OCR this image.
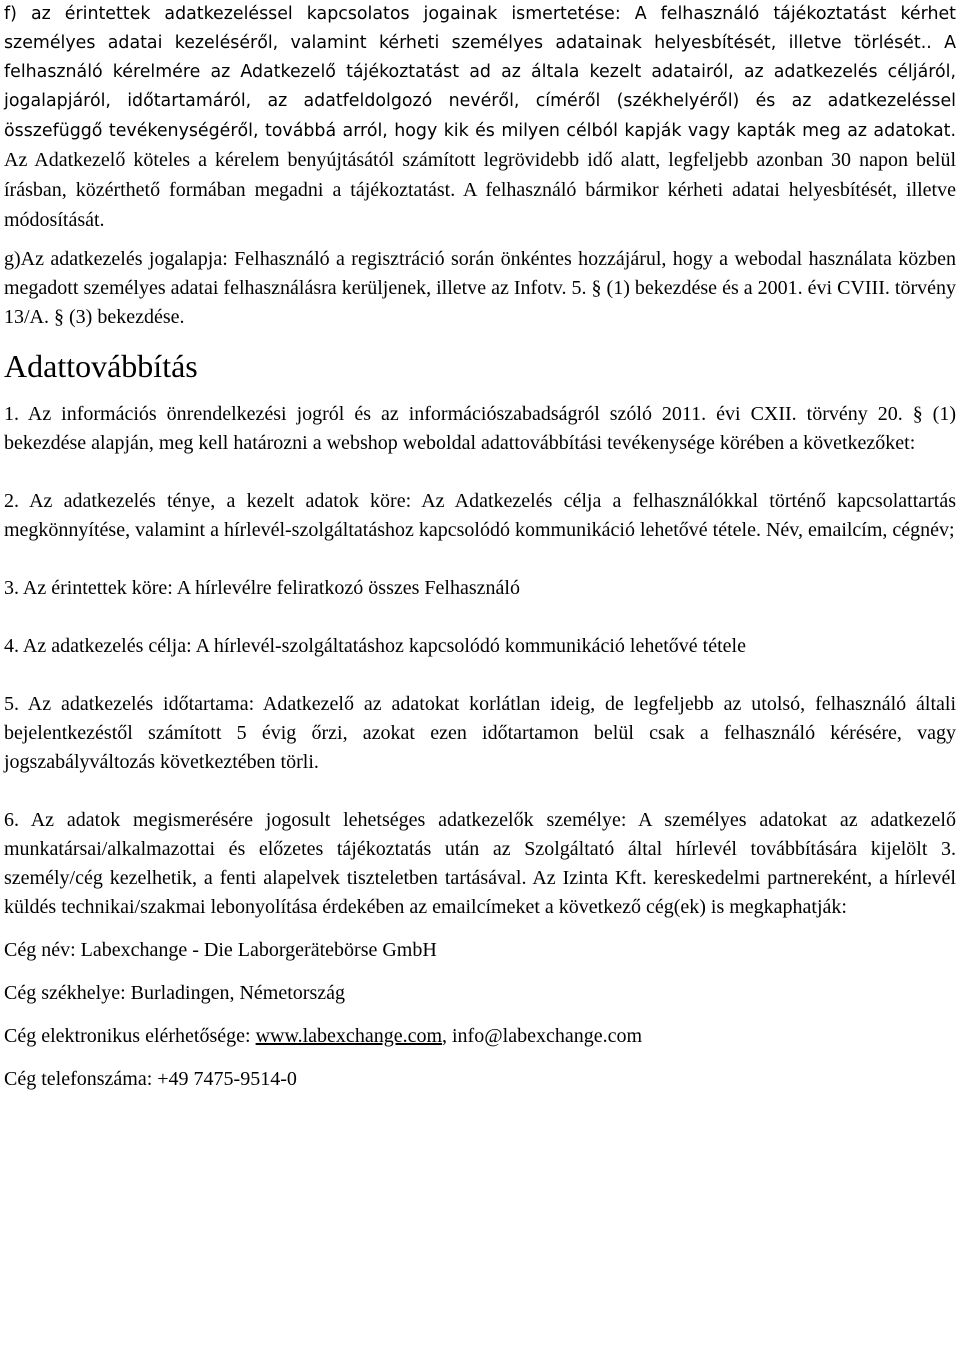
f) az érintettek adatkezeléssel kapcsolatos jogainak ismertetése: A felhasználó tájékoztatást kérhet személyes adatai kezeléséről, valamint kérheti személyes adatainak helyesbítését, illetve törlését.. A felhasználó kérelmére az Adatkezelő tájékoztatást ad az általa kezelt adatairól, az adatkezelés céljáról, jogalapjáról, időtartamáról, az adatfeldolgozó nevéről, címéről (székhelyéről) és az adatkezeléssel összefüggő tevékenységéről, továbbá arról, hogy kik és milyen célból kapják vagy kapták meg az adatokat. Az Adatkezelő köteles a kérelem benyújtásától számított legrövidebb idő alatt, legfeljebb azonban 30 napon belül írásban, közérthető formában megadni a tájékoztatást. A felhasználó bármikor kérheti adatai helyesbítését, illetve módosítását.

g)Az adatkezelés jogalapja: Felhasználó a regisztráció során önkéntes hozzájárul, hogy a webodal használata közben megadott személyes adatai felhasználásra kerüljenek, illetve az Infotv. 5. § (1) bekezdése és a 2001. évi CVIII. törvény 13/A. § (3) bekezdése.

Adattovábbítás

1. Az információs önrendelkezési jogról és az információszabadságról szóló 2011. évi CXII. törvény 20. § (1) bekezdése alapján, meg kell határozni a webshop weboldal adattovábbítási tevékenysége körében a következőket:

2. Az adatkezelés ténye, a kezelt adatok köre: Az Adatkezelés célja a felhasználókkal történő kapcsolattartás megkönnyítése, valamint a hírlevél-szolgáltatáshoz kapcsolódó kommunikáció lehetővé tétele. Név, emailcím, cégnév;

3. Az érintettek köre: A hírlevélre feliratkozó összes Felhasználó

4. Az adatkezelés célja: A hírlevél-szolgáltatáshoz kapcsolódó kommunikáció lehetővé tétele

5. Az adatkezelés időtartama: Adatkezelő az adatokat korlátlan ideig, de legfeljebb az utolsó, felhasználó általi bejelentkezéstől számított 5 évig őrzi, azokat ezen időtartamon belül csak a felhasználó kérésére, vagy jogszabályváltozás következtében törli.

6. Az adatok megismerésére jogosult lehetséges adatkezelők személye: A személyes adatokat az adatkezelő munkatársai/alkalmazottai és előzetes tájékoztatás után az Szolgáltató által hírlevél továbbítására kijelölt 3. személy/cég kezelhetik, a fenti alapelvek tiszteletben tartásával. Az Izinta Kft. kereskedelmi partnereként, a hírlevél küldés technikai/szakmai lebonyolítása érdekében az emailcímeket a következő cég(ek) is megkaphatják:

Cég név: Labexchange - Die Laborgerätebörse GmbH

Cég székhelye: Burladingen, Németország

Cég elektronikus elérhetősége: www.labexchange.com, info@labexchange.com

Cég telefonszáma: +49 7475-9514-0
